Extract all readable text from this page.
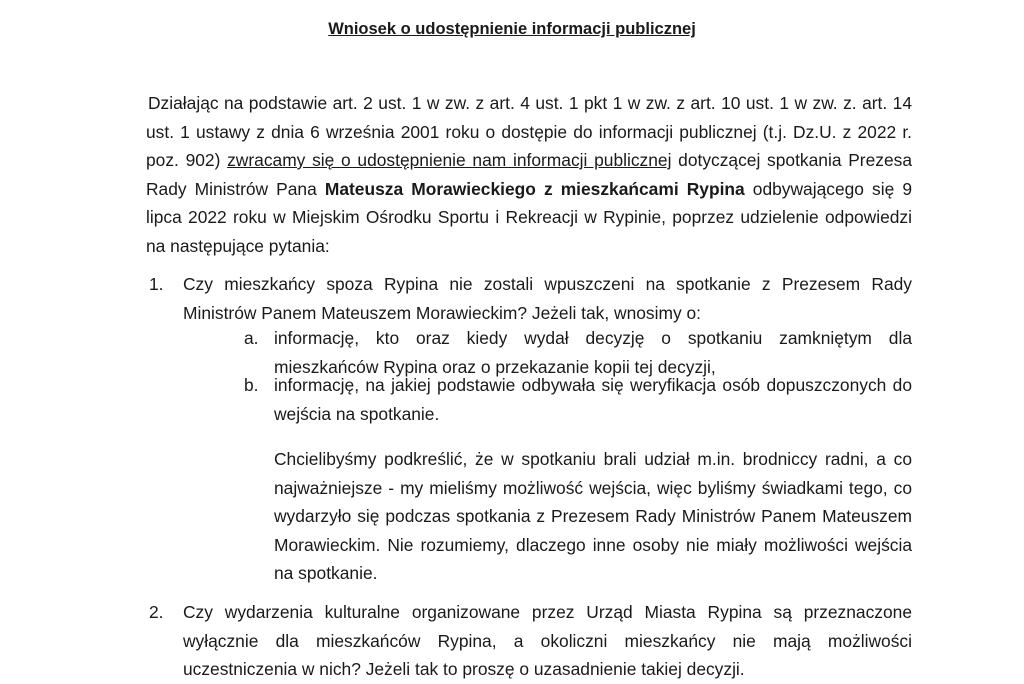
Wniosek o udostępnienie informacji publicznej

Działając na podstawie art. 2 ust. 1 w zw. z art. 4 ust. 1 pkt 1 w zw. z art. 10 ust. 1 w zw. z. art. 14 ust. 1 ustawy z dnia 6 września 2001 roku o dostępie do informacji publicznej (t.j. Dz.U. z 2022 r. poz. 902) zwracamy się o udostępnienie nam informacji publicznej dotyczącej spotkania Prezesa Rady Ministrów Pana Mateusza Morawieckiego z mieszkańcami Rypina odbywającego się 9 lipca 2022 roku w Miejskim Ośrodku Sportu i Rekreacji w Rypinie, poprzez udzielenie odpowiedzi na następujące pytania:

1.	Czy mieszkańcy spoza Rypina nie zostali wpuszczeni na spotkanie z Prezesem Rady Ministrów Panem Mateuszem Morawieckim? Jeżeli tak, wnosimy o:

a. informację, kto oraz kiedy wydał decyzję o spotkaniu zamkniętym dla mieszkańców Rypina oraz o przekazanie kopii tej decyzji,

b. informację, na jakiej podstawie odbywała się weryfikacja osób dopuszczonych do wejścia na spotkanie.

Chcielibyśmy podkreślić, że w spotkaniu brali udział m.in. brodniccy radni, a co najważniejsze - my mieliśmy możliwość wejścia, więc byliśmy świadkami tego, co wydarzyło się podczas spotkania z Prezesem Rady Ministrów Panem Mateuszem Morawieckim. Nie rozumiemy, dlaczego inne osoby nie miały możliwości wejścia na spotkanie.

2.	Czy wydarzenia kulturalne organizowane przez Urząd Miasta Rypina są przeznaczone wyłącznie dla mieszkańców Rypina, a okoliczni mieszkańcy nie mają możliwości uczestniczenia w nich? Jeżeli tak to proszę o uzasadnienie takiej decyzji.
